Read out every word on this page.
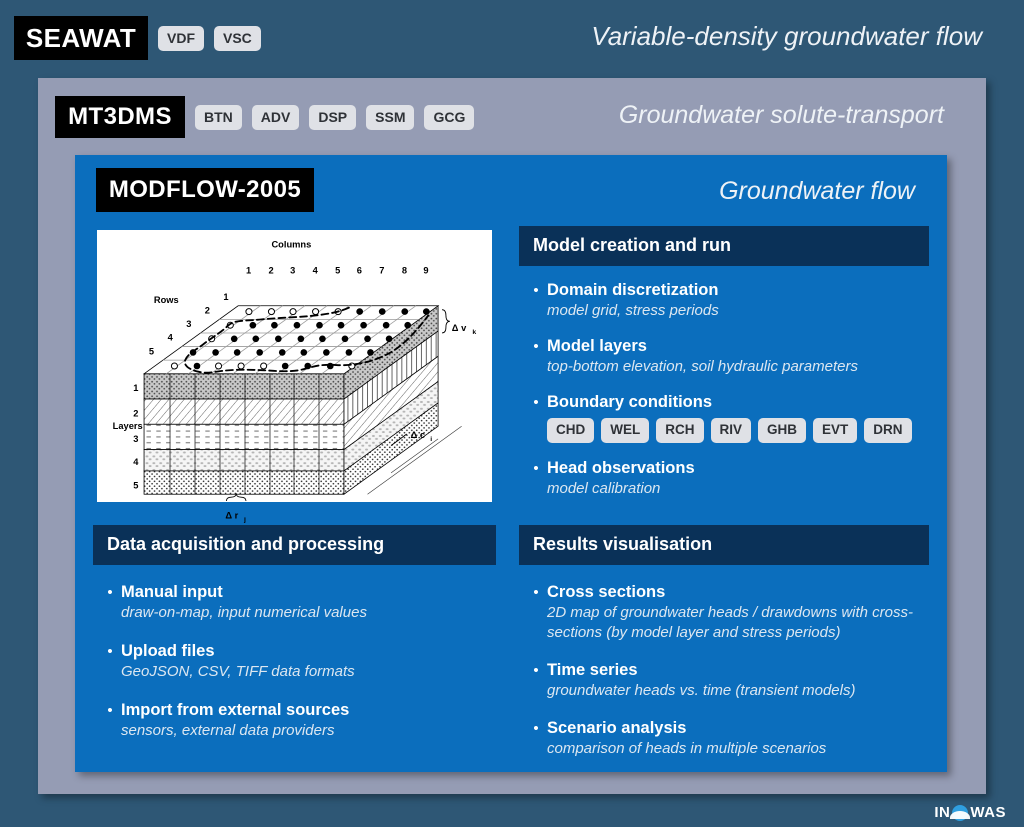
SEAWAT	VDF	VSC	Variable-density groundwater flow
Groundwater solute-transport
MT3DMS	BTN	ADV	DSP	SSM	GCG
Groundwater flow
MODFLOW-2005
Columns
1 2 3 4 5 6 7 8 9
Rows	1
2
3
4
5
Layers
1
2
3
4
5
Δ v k
Δ c i
Δ r j
Model creation and run
• Domain discretization
model grid, stress periods
• Model layers
top-bottom elevation, soil hydraulic parameters
• Boundary conditions
CHD	WEL	RCH	RIV	GHB	EVT	DRN
• Head observations
model calibration
Data acquisition and processing
• Manual input
draw-on-map, input numerical values
• Upload files
GeoJSON, CSV, TIFF data formats
• Import from external sources
sensors, external data providers
Results visualisation
• Cross sections
2D map of groundwater heads / drawdowns with cross-sections (by model layer and stress periods)
• Time series
groundwater heads vs. time (transient models)
• Scenario analysis
comparison of heads in multiple scenarios
IN WAS
